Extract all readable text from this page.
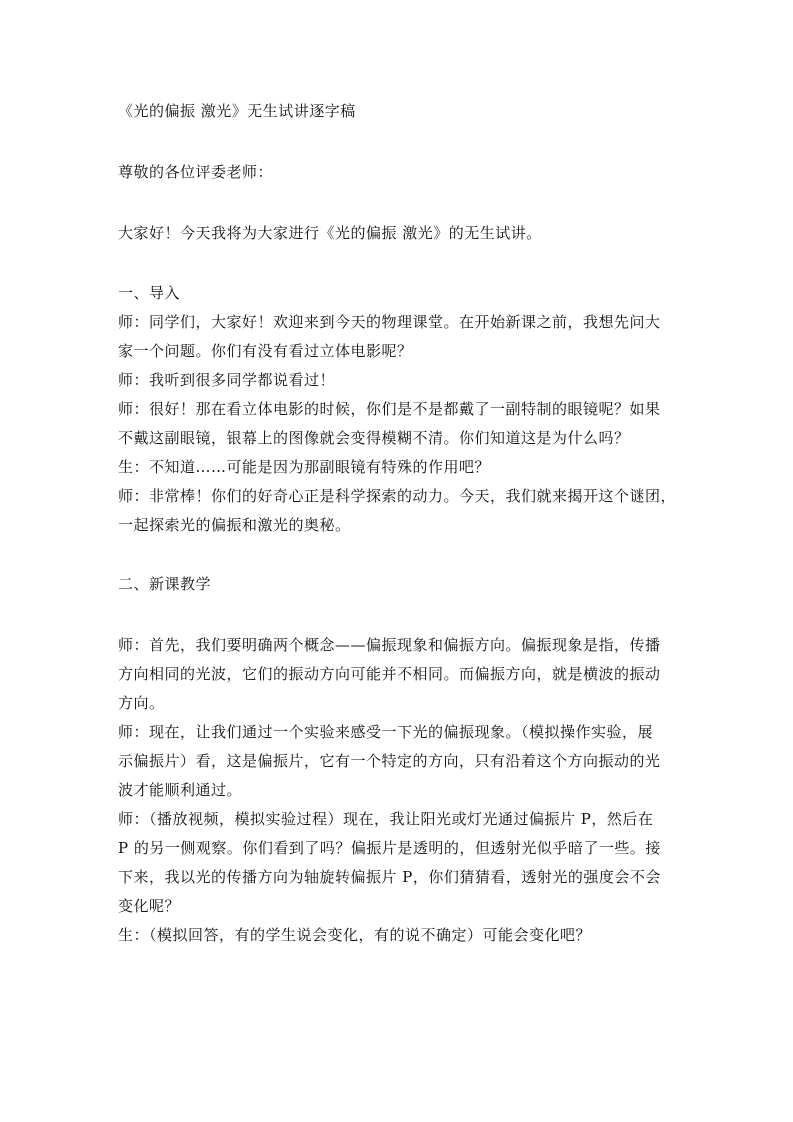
《光的偏振 激光》无生试讲逐字稿

尊敬的各位评委老师：

大家好！今天我将为大家进行《光的偏振 激光》的无生试讲。

一、导入

师：同学们，大家好！欢迎来到今天的物理课堂。在开始新课之前，我想先问大

家一个问题。你们有没有看过立体电影呢？

师：我听到很多同学都说看过！

师：很好！那在看立体电影的时候，你们是不是都戴了一副特制的眼镜呢？如果

不戴这副眼镜，银幕上的图像就会变得模糊不清。你们知道这是为什么吗？

生：不知道……可能是因为那副眼镜有特殊的作用吧？

师：非常棒！你们的好奇心正是科学探索的动力。今天，我们就来揭开这个谜团，

一起探索光的偏振和激光的奥秘。

二、新课教学

师：首先，我们要明确两个概念——偏振现象和偏振方向。偏振现象是指，传播

方向相同的光波，它们的振动方向可能并不相同。而偏振方向，就是横波的振动

方向。

师：现在，让我们通过一个实验来感受一下光的偏振现象。（模拟操作实验，展

示偏振片）看，这是偏振片，它有一个特定的方向，只有沿着这个方向振动的光

波才能顺利通过。

师：（播放视频，模拟实验过程）现在，我让阳光或灯光通过偏振片 P，然后在

P 的另一侧观察。你们看到了吗？偏振片是透明的，但透射光似乎暗了一些。接

下来，我以光的传播方向为轴旋转偏振片 P，你们猜猜看，透射光的强度会不会

变化呢？

生：（模拟回答，有的学生说会变化，有的说不确定）可能会变化吧？
